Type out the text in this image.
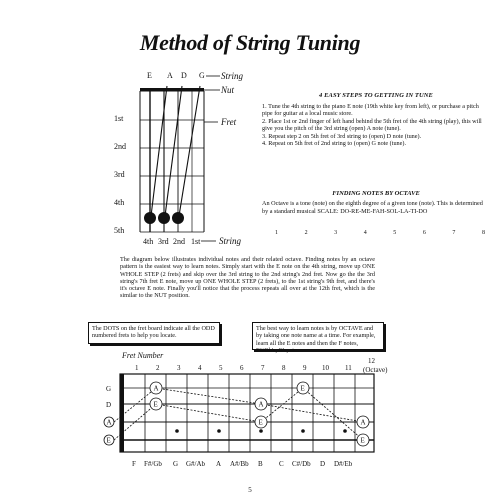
Method of String Tuning
E A D G String
Nut
Fret
1st
2nd
3rd
4th
5th
4th 3rd 2nd 1st String
4 EASY STEPS TO GETTING IN TUNE
1. Tune the 4th string to the piano E note (19th white key from left), or purchase a pitch pipe for guitar at a local music store.
2. Place 1st or 2nd finger of left hand behind the 5th fret of the 4th string (play), this will give you the pitch of the 3rd string (open) A note (tune).
3. Repeat step 2 on 5th fret of 3rd string to (open) D note (tune).
4. Repeat on 5th fret of 2nd string to (open) G note (tune).
FINDING NOTES BY OCTAVE

An Octave is a tone (note) on the eighth degree of a given tone (note). This is determined by a standard musical SCALE: DO-RE-ME-FAH-SOL-LA-TI-DO

1	2	3	4	5	6	7	8

The diagram below illustrates individual notes and their related octave. Finding notes by an octave pattern is the easiest way to learn notes. Simply start with the E note on the 4th string, move up ONE WHOLE STEP (2 frets) and skip over the 3rd string to the 2nd string's 2nd fret. Now go the the 3rd string's 7th fret E note, move up ONE WHOLE STEP (2 frets), to the 1st string's 9th fret, and there's it's octave E note. Finally you'll notice that the process repeats all over at the 12th fret, which is the similar to the NUT position.

The DOTS on the fret board indicate all the ODD numbered frets to help you locate.
The best way to learn notes is by OCTAVE and by taking one note name at a time. For example, learn all the E notes and then the F notes, F#/Gb's, G's, etc....
Fret Number
1	2	3	4	5	6	7	8	9 10 11
12
(Octave)
G
D
A
E
A
E	A
E
E
A
E
F F#/Gb G G#/Ab A A#/Bb B C C#/Db D D#/Eb
5
